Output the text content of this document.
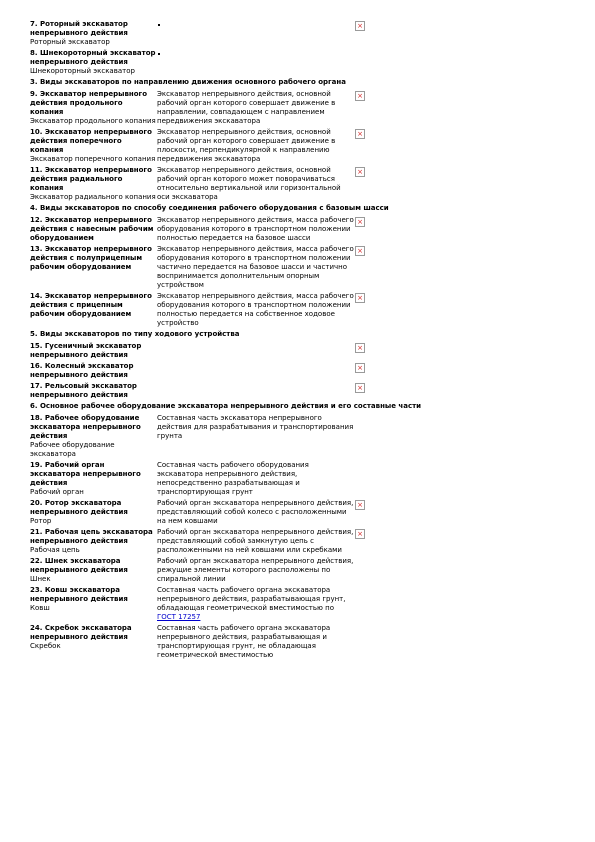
7. Роторный экскаватор непрерывного действия
Роторный экскаватор
×
8. Шнекороторный экскаватор непрерывного действия
Шнекороторный экскаватор
3. Виды экскаваторов по направлению движения основного рабочего органа
9. Экскаватор непрерывного действия продольного копания
Экскаватор продольного копания
Экскаватор непрерывного действия, основной рабочий орган которого совершает движение в направлении, совпадающем с направлением передвижения экскаватора
×
10. Экскаватор непрерывного действия поперечного копания
Экскаватор поперечного копания
Экскаватор непрерывного действия, основной рабочий орган которого совершает движение в плоскости, перпендикулярной к направлению передвижения экскаватора
×
11. Экскаватор непрерывного действия радиального копания
Экскаватор радиального копания
Экскаватор непрерывного действия, основной рабочий орган которого может поворачиваться относительно вертикальной или горизонтальной оси экскаватора
×
4. Виды экскаваторов по способу соединения рабочего оборудования с базовым шасси
12. Экскаватор непрерывного действия с навесным рабочим оборудованием
Экскаватор непрерывного действия, масса рабочего оборудования которого в транспортном положении полностью передается на базовое шасси
×
13. Экскаватор непрерывного действия с полуприцепным рабочим оборудованием
Экскаватор непрерывного действия, масса рабочего оборудования которого в транспортном положении частично передается на базовое шасси и частично воспринимается дополнительным опорным устройством
×
14. Экскаватор непрерывного действия с прицепным рабочим оборудованием
Экскаватор непрерывного действия, масса рабочего оборудования которого в транспортном положении полностью передается на собственное ходовое устройство
×
5. Виды экскаваторов по типу ходового устройства
15. Гусеничный экскаватор непрерывного действия
×
16. Колесный экскаватор непрерывного действия
×
17. Рельсовый экскаватор непрерывного действия
×
6. Основное рабочее оборудование экскаватора непрерывного действия и его составные части
18. Рабочее оборудование экскаватора непрерывного действия
Рабочее оборудование экскаватора
Составная часть экскаватора непрерывного действия для разрабатывания и транспортирования грунта
19. Рабочий орган экскаватора непрерывного действия
Рабочий орган
Составная часть рабочего оборудования экскаватора непрерывного действия, непосредственно разрабатывающая и транспортирующая грунт
20. Ротор экскаватора непрерывного действия
Ротор
Рабочий орган экскаватора непрерывного действия, представляющий собой колесо с расположенными на нем ковшами
×
21. Рабочая цепь экскаватора непрерывного действия
Рабочая цепь
Рабочий орган экскаватора непрерывного действия, представляющий собой замкнутую цепь с расположенными на ней ковшами или скребками
×
22. Шнек экскаватора непрерывного действия
Шнек
Рабочий орган экскаватора непрерывного действия, режущие элементы которого расположены по спиральной линии
23. Ковш экскаватора непрерывного действия
Ковш
Составная часть рабочего органа экскаватора непрерывного действия, разрабатывающая грунт, обладающая геометрической вместимостью по ГОСТ 17257
24. Скребок экскаватора непрерывного действия
Скребок
Составная часть рабочего органа экскаватора непрерывного действия, разрабатывающая и транспортирующая грунт, не обладающая геометрической вместимостью
